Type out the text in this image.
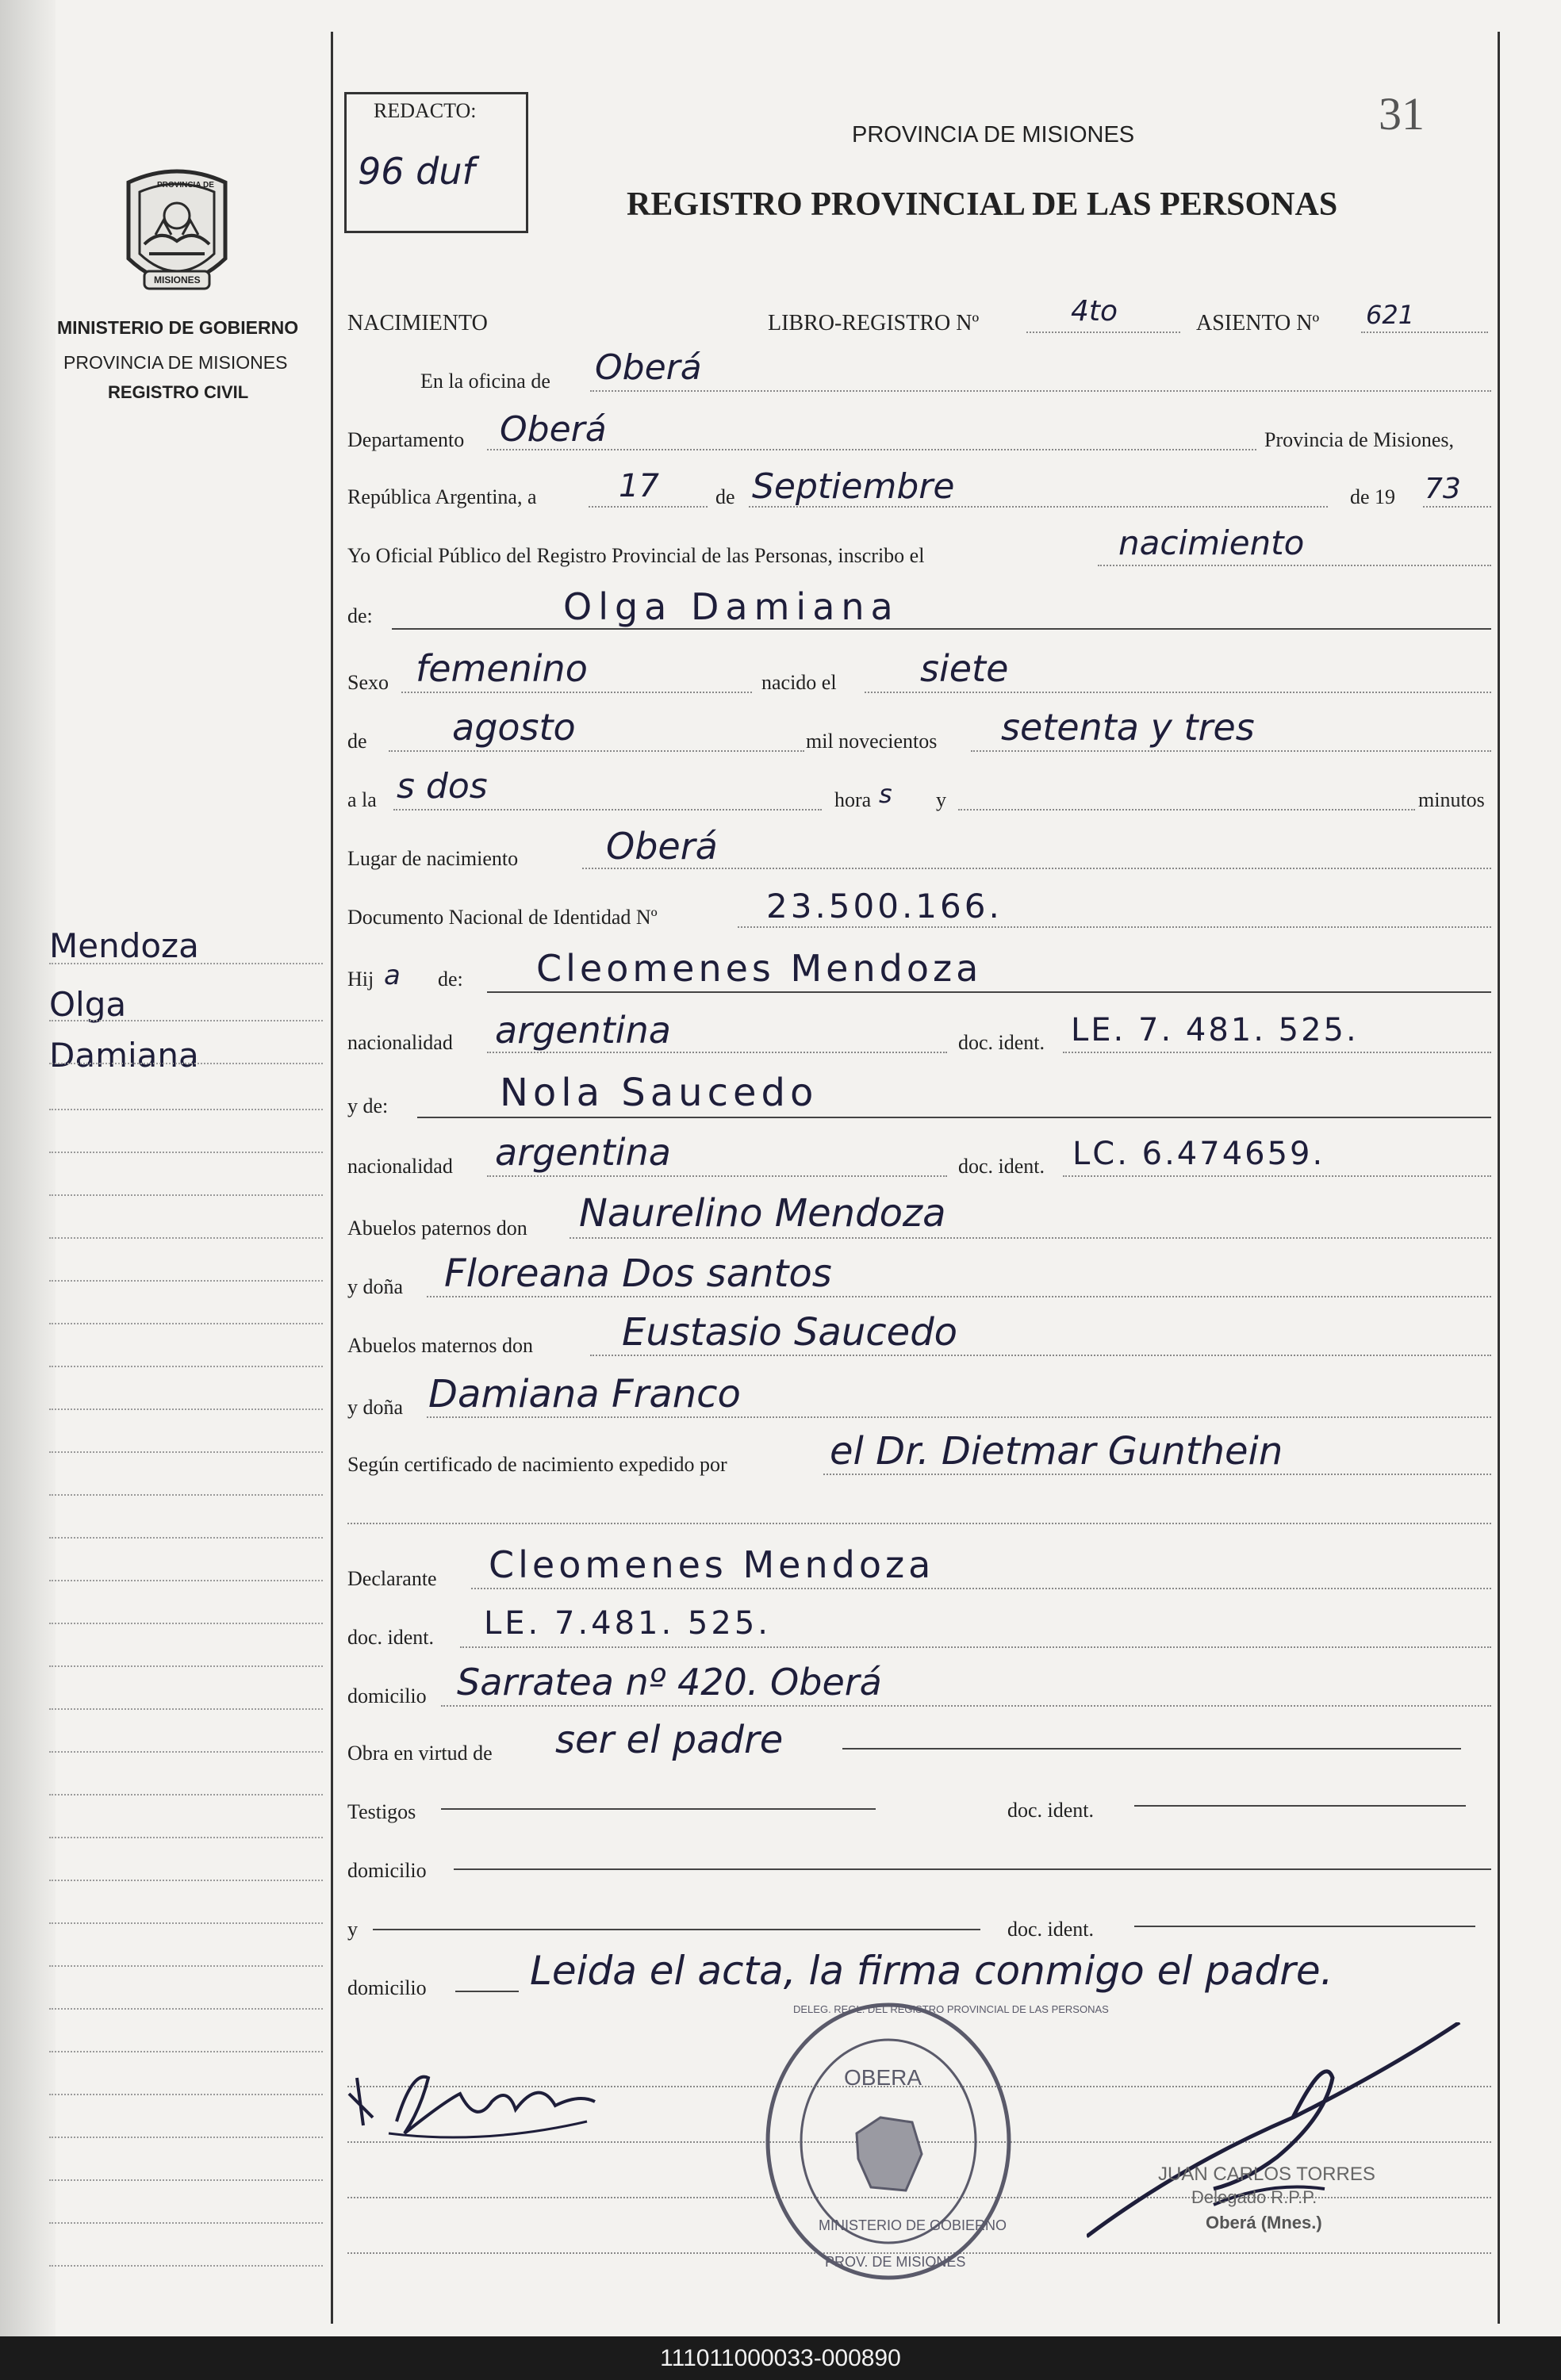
31
REDACTO:
96 duf
PROVINCIA DE MISIONES
REGISTRO PROVINCIAL DE LAS PERSONAS
PROVINCIA DE
MISIONES
MINISTERIO DE GOBIERNO
PROVINCIA DE MISIONES
REGISTRO CIVIL
Mendoza
Olga
Damiana
NACIMIENTO	LIBRO-REGISTRO Nº	4to	ASIENTO Nº 621
En la oficina de Oberá
Departamento Oberá	Provincia de Misiones,
República Argentina, a	17	de Septiembre	de 19 73
Yo Oficial Público del Registro Provincial de las Personas, inscribo el	nacimiento
de:	Olga Damiana
Sexo femenino	nacido el siete
de agosto	mil novecientos setenta y tres
a la s dos	hora s y	minutos
Lugar de nacimiento Oberá
Documento Nacional de Identidad Nº	23.500.166.
Hij a de: Cleomenes Mendoza
nacionalidad argentina	doc. ident. LE. 7. 481. 525.
y de:	Nola Saucedo
nacionalidad argentina	doc. ident. LC. 6.474659.
Abuelos paternos don Naurelino Mendoza
y doña Floreana Dos santos
Abuelos maternos don Eustasio Saucedo
y doña Damiana Franco
Según certificado de nacimiento expedido por	el Dr. Dietmar Gunthein
Declarante Cleomenes Mendoza
doc. ident. LE. 7.481. 525.
domicilio Sarratea nº 420. Oberá
Obra en virtud de ser el padre
Testigos	doc. ident.
domicilio
y	doc. ident.
domicilio	Leida el acta, la firma conmigo el padre.
OBERA
DELEG. REGL. DEL REGISTRO PROVINCIAL DE LAS PERSONAS
MINISTERIO DE GOBIERNO
PROV. DE MISIONES
JUAN CARLOS TORRES
Delegado R.P.P.
Oberá (Mnes.)
111011000033-000890
